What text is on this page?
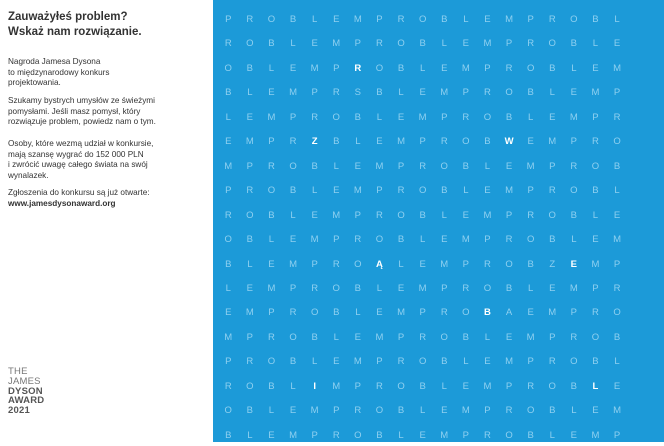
Zauważyłeś problem?
Wskaż nam rozwiązanie.
Nagroda Jamesa Dysona
to międzynarodowy konkurs
projektowania.
Szukamy bystrych umysłów ze świeżymi
pomysłami. Jeśli masz pomysł, który
rozwiązuje problem, powiedz nam o tym.
Osoby, które wezmą udział w konkursie,
mają szansę wygrać do 152 000 PLN
i zwrócić uwagę całego świata na swój
wynalazek.
Zgłoszenia do konkursu są już otwarte:
www.jamesdysonaward.org
THE
JAMES
DYSON
AWARD
2021
P	R	O	B	L	E	M	P	R	O	B	L	E	M	P	R	O	B	L
R	O	B	L	E	M	P	R	O	B	L	E	M	P	R	O	B	L	E
O	B	L	E	M	P	R	O	B	L	E	M	P	R	O	B	L	E	M
B	L	E	M	P	R	S	B	L	E	M	P	R	O	B	L	E	M	P
L	E	M	P	R	O	B	L	E	M	P	R	O	B	L	E	M	P	R
E	M	P	R	Z	B	L	E	M	P	R	O	B	W	E	M	P	R	O
M	P	R	O	B	L	E	M	P	R	O	B	L	E	M	P	R	O	B
P	R	O	B	L	E	M	P	R	O	B	L	E	M	P	R	O	B	L
R	O	B	L	E	M	P	R	O	B	L	E	M	P	R	O	B	L	E
O	B	L	E	M	P	R	O	B	L	E	M	P	R	O	B	L	E	M
B	L	E	M	P	R	O	Ą	L	E	M	P	R	O	B	Z	E	M	P
L	E	M	P	R	O	B	L	E	M	P	R	O	B	L	E	M	P	R
E	M	P	R	O	B	L	E	M	P	R	O	B	A	E	M	P	R	O
M	P	R	O	B	L	E	M	P	R	O	B	L	E	M	P	R	O	B
P	R	O	B	L	E	M	P	R	O	B	L	E	M	P	R	O	B	L
R	O	B	L	I	M	P	R	O	B	L	E	M	P	R	O	B	L	E
O	B	L	E	M	P	R	O	B	L	E	M	P	R	O	B	L	E	M
B	L	E	M	P	R	O	B	L	E	M	P	R	O	B	L	E	M	P
